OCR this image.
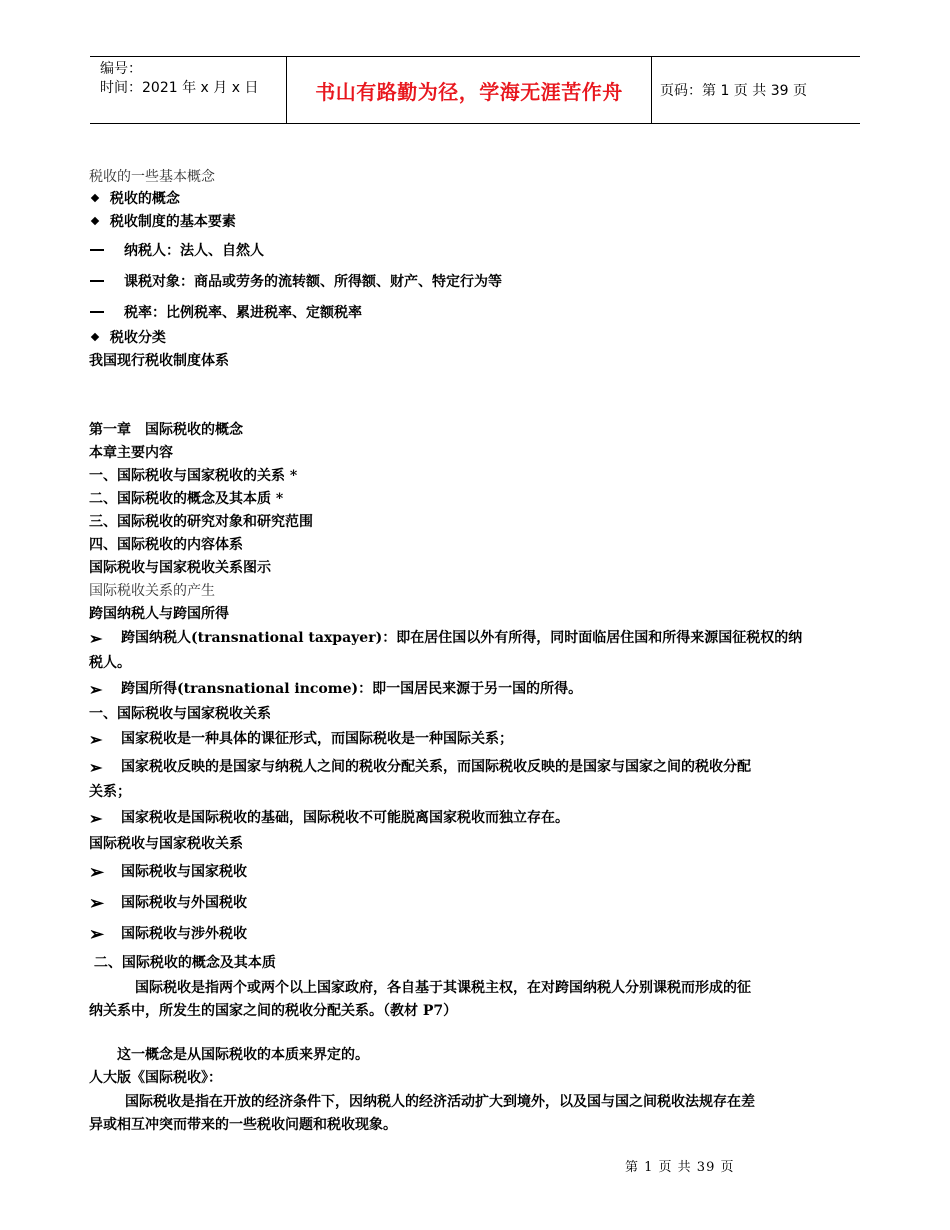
编号：
时间：2021 年 x 月 x 日	书山有路勤为径，学海无涯苦作舟	页码：第 1 页 共 39 页

税收的一些基本概念

税收的概念
税收制度的基本要素
纳税人：法人、自然人
课税对象：商品或劳务的流转额、所得额、财产、特定行为等
税率：比例税率、累进税率、定额税率
税收分类

我国现行税收制度体系

第一章　国际税收的概念

本章主要内容

一、国际税收与国家税收的关系 *

二、国际税收的概念及其本质 *

三、国际税收的研究对象和研究范围

四、国际税收的内容体系

国际税收与国家税收关系图示

国际税收关系的产生

跨国纳税人与跨国所得

➢	跨国纳税人(transnational taxpayer)：即在居住国以外有所得，同时面临居住国和所得来源国征税权的纳

税人。

➢	跨国所得(transnational income)：即一国居民来源于另一国的所得。

一、国际税收与国家税收关系

➢	国家税收是一种具体的课征形式，而国际税收是一种国际关系；
➢	国家税收反映的是国家与纳税人之间的税收分配关系，而国际税收反映的是国家与国家之间的税收分配

关系；

➢	国家税收是国际税收的基础，国际税收不可能脱离国家税收而独立存在。

国际税收与国家税收关系

➢	国际税收与国家税收
➢	国际税收与外国税收
➢	国际税收与涉外税收

二、国际税收的概念及其本质

国际税收是指两个或两个以上国家政府，各自基于其课税主权，在对跨国纳税人分别课税而形成的征

纳关系中，所发生的国家之间的税收分配关系。（教材 P7）

这一概念是从国际税收的本质来界定的。

人大版《国际税收》：

国际税收是指在开放的经济条件下，因纳税人的经济活动扩大到境外，以及国与国之间税收法规存在差

异或相互冲突而带来的一些税收问题和税收现象。

第 1 页 共 39 页
